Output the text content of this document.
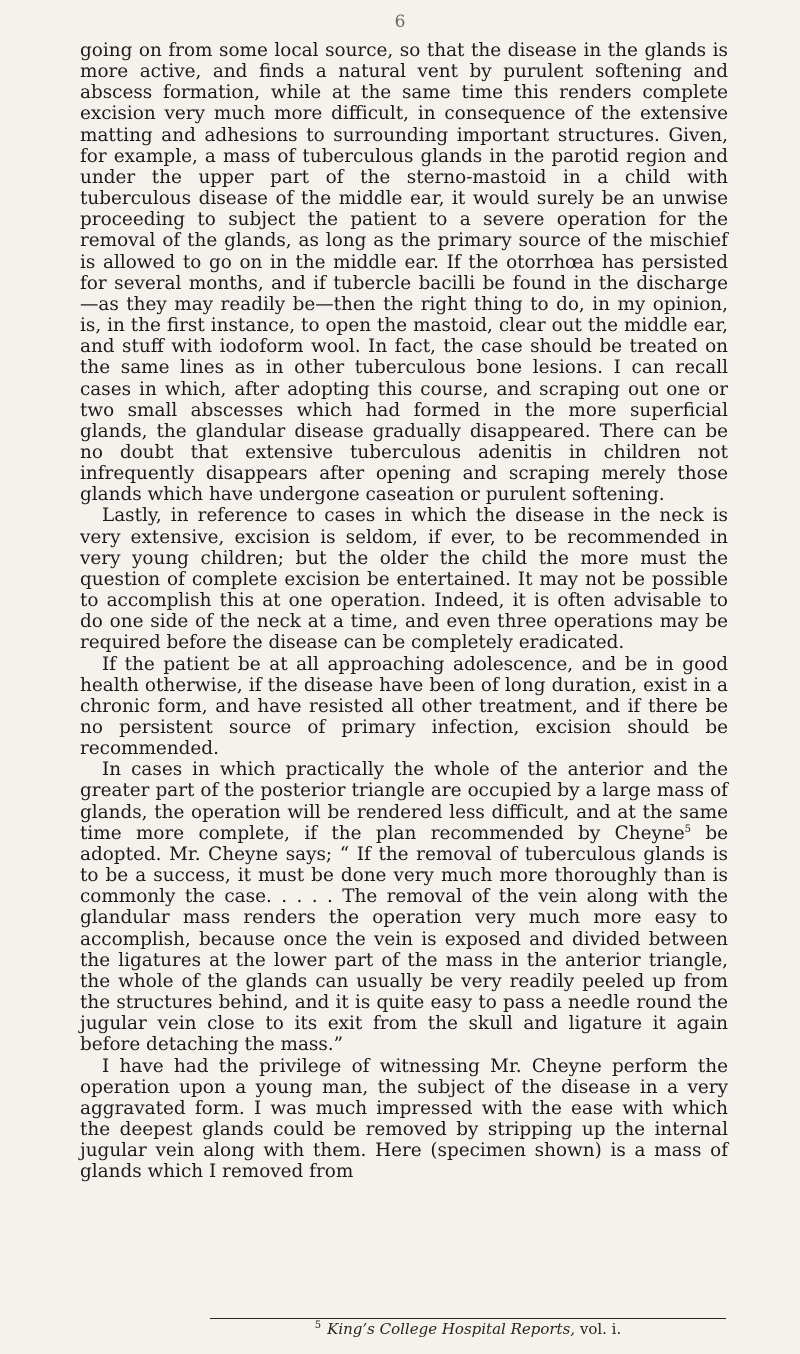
6

going on from some local source, so that the disease in the glands is more active, and finds a natural vent by purulent softening and abscess formation, while at the same time this renders complete excision very much more difficult, in consequence of the extensive matting and adhesions to surrounding important structures. Given, for example, a mass of tuberculous glands in the parotid region and under the upper part of the sterno-mastoid in a child with tuberculous disease of the middle ear, it would surely be an unwise proceeding to subject the patient to a severe operation for the removal of the glands, as long as the primary source of the mischief is allowed to go on in the middle ear. If the otorrhœa has persisted for several months, and if tubercle bacilli be found in the discharge—as they may readily be—then the right thing to do, in my opinion, is, in the first instance, to open the mastoid, clear out the middle ear, and stuff with iodoform wool. In fact, the case should be treated on the same lines as in other tuberculous bone lesions. I can recall cases in which, after adopting this course, and scraping out one or two small abscesses which had formed in the more superficial glands, the glandular disease gradually disappeared. There can be no doubt that extensive tuberculous adenitis in children not infrequently disappears after opening and scraping merely those glands which have undergone caseation or purulent softening.

Lastly, in reference to cases in which the disease in the neck is very extensive, excision is seldom, if ever, to be recommended in very young children; but the older the child the more must the question of complete excision be entertained. It may not be possible to accomplish this at one operation. Indeed, it is often advisable to do one side of the neck at a time, and even three operations may be required before the disease can be completely eradicated.

If the patient be at all approaching adolescence, and be in good health otherwise, if the disease have been of long duration, exist in a chronic form, and have resisted all other treatment, and if there be no persistent source of primary infection, excision should be recommended.

In cases in which practically the whole of the anterior and the greater part of the posterior triangle are occupied by a large mass of glands, the operation will be rendered less difficult, and at the same time more complete, if the plan recommended by Cheyne$^5$ be adopted. Mr. Cheyne says; “ If the removal of tuberculous glands is to be a success, it must be done very much more thoroughly than is commonly the case. . . . . The removal of the vein along with the glandular mass renders the operation very much more easy to accomplish, because once the vein is exposed and divided between the ligatures at the lower part of the mass in the anterior triangle, the whole of the glands can usually be very readily peeled up from the structures behind, and it is quite easy to pass a needle round the jugular vein close to its exit from the skull and ligature it again before detaching the mass.”

I have had the privilege of witnessing Mr. Cheyne perform the operation upon a young man, the subject of the disease in a very aggravated form. I was much impressed with the ease with which the deepest glands could be removed by stripping up the internal jugular vein along with them. Here (specimen shown) is a mass of glands which I removed from

$^5$ King’s College Hospital Reports, vol. i.
